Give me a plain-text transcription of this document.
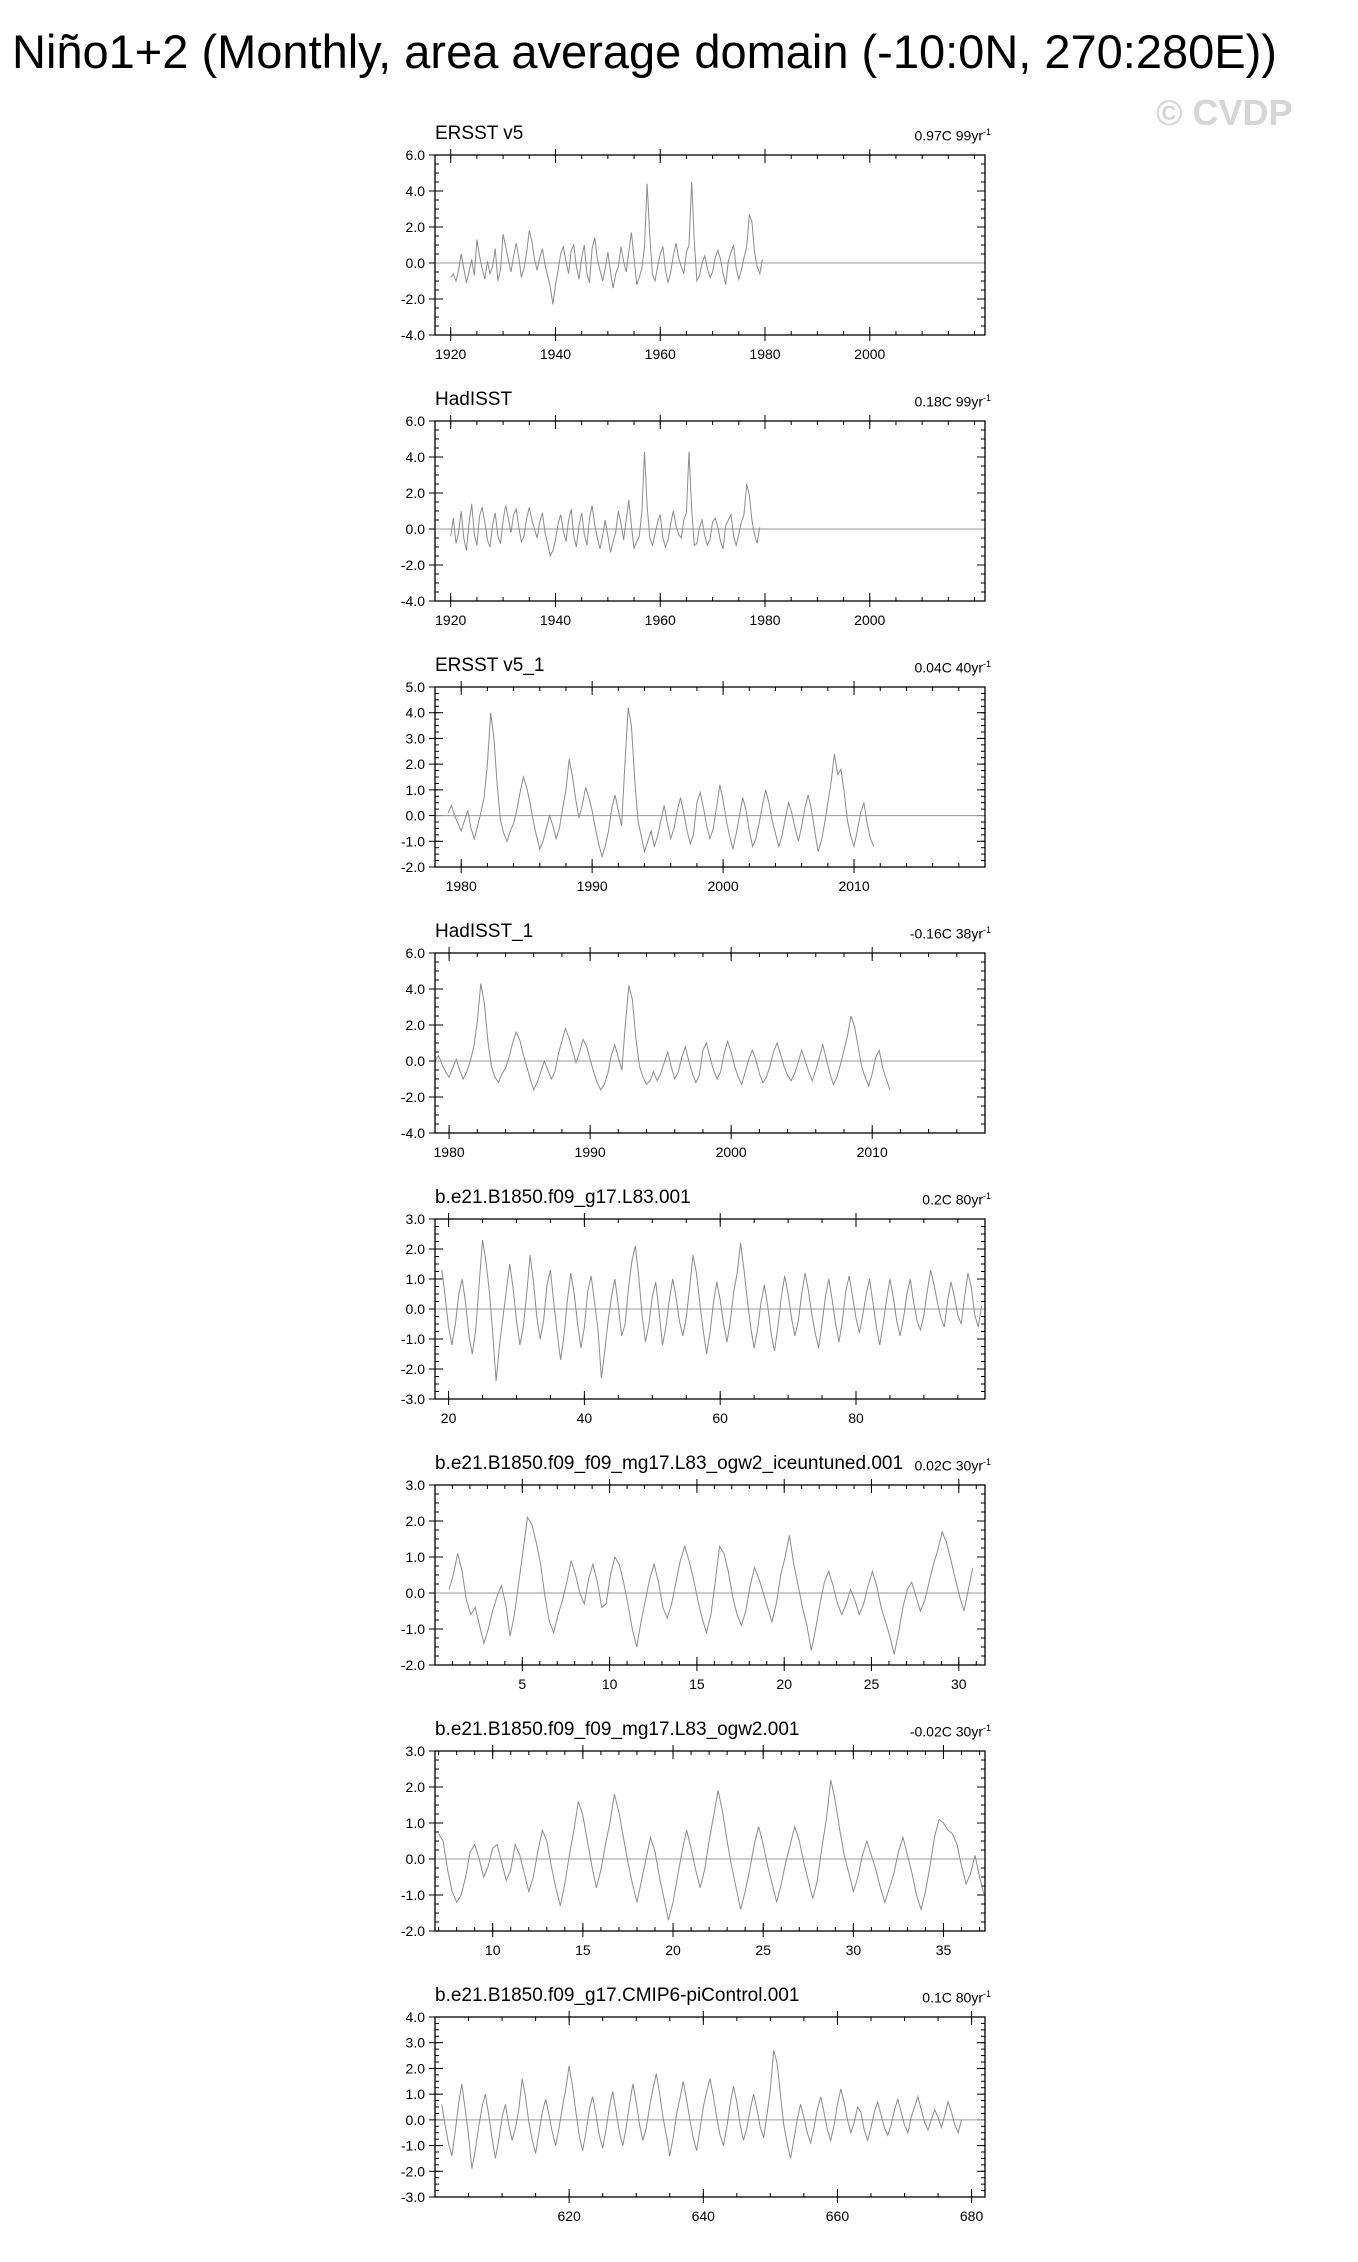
Niño1+2 (Monthly, area average domain (-10:0N, 270:280E))
© CVDP
ERSST v5	0.97C $99yr^{-1}$
-4.0
-2.0
0.0
2.0
4.0
6.0
1920	1940	1960	1980	2000
HadISST	0.18C $99yr^{-1}$
-4.0
-2.0
0.0
2.0
4.0
6.0
1920	1940	1960	1980	2000
ERSST v5_1	0.04C $40yr^{-1}$
-2.0
-1.0
0.0
1.0
2.0
3.0
4.0
5.0
1980	1990	2000	2010
HadISST_1	-0.16C $38yr^{-1}$
-4.0
-2.0
0.0
2.0
4.0
6.0
1980	1990	2000	2010
b.e21.B1850.f09_g17.L83.001	0.2C $80yr^{-1}$
-3.0
-2.0
-1.0
0.0
1.0
2.0
3.0
20	40	60	80
b.e21.B1850.f09_f09_mg17.L83_ogw2_iceuntuned.001 0.02C $30yr^{-1}$
-2.0
-1.0
0.0
1.0
2.0
3.0
5	10	15	20	25	30
b.e21.B1850.f09_f09_mg17.L83_ogw2.001	-0.02C $30yr^{-1}$
-2.0
-1.0
0.0
1.0
2.0
3.0
10	15	20	25	30	35
b.e21.B1850.f09_g17.CMIP6-piControl.001	0.1C $80yr^{-1}$
-3.0
-2.0
-1.0
0.0
1.0
2.0
3.0
4.0
620	640	660	680
